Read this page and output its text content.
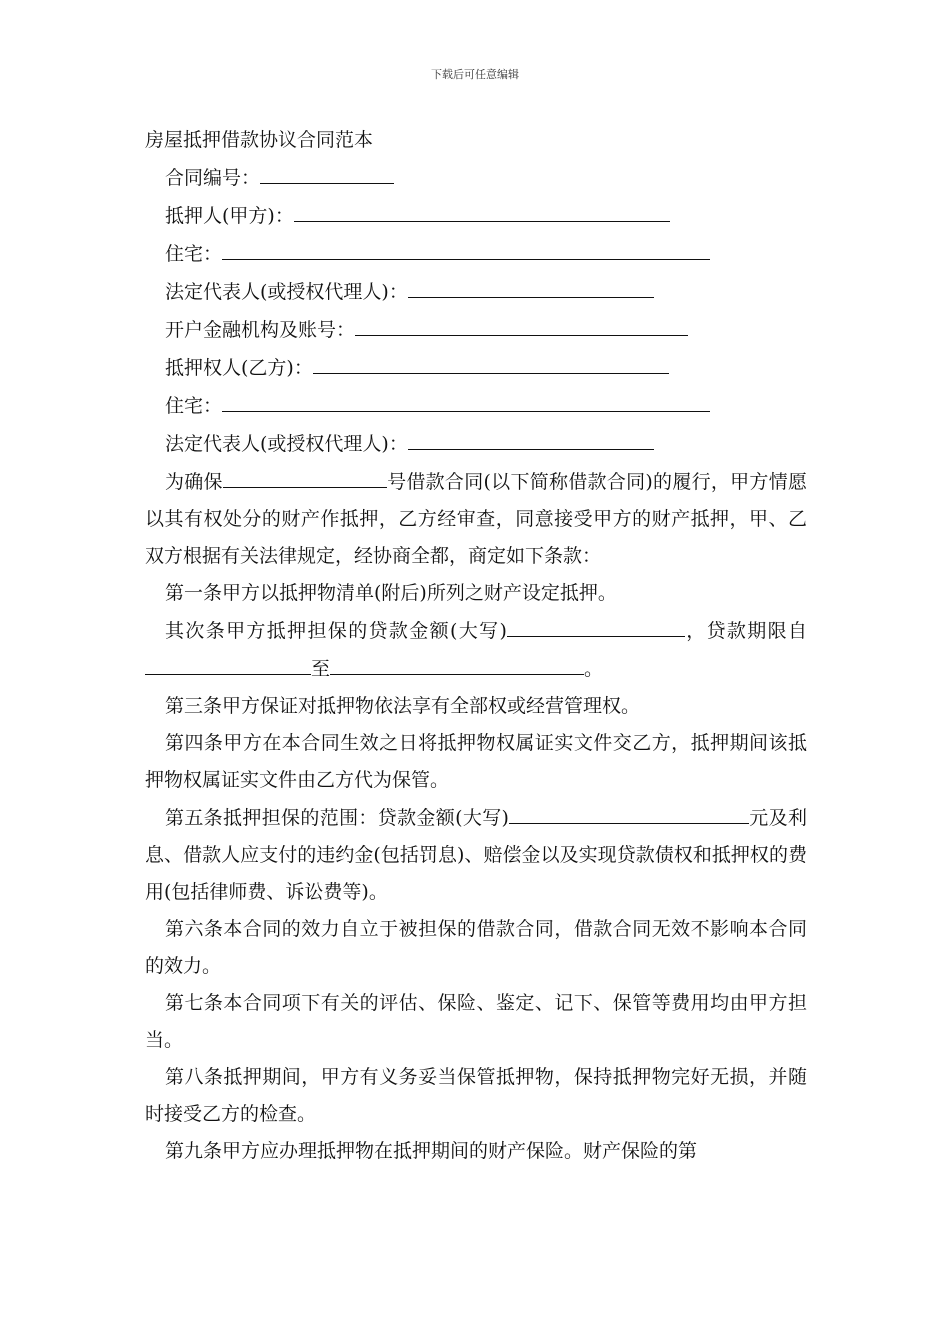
下载后可任意编辑

房屋抵押借款协议合同范本

合同编号：

抵押人(甲方)：

住宅：

法定代表人(或授权代理人)：

开户金融机构及账号：

抵押权人(乙方)：

住宅：

法定代表人(或授权代理人)：

为确保	号借款合同(以下简称借款合同)的履行，甲方情愿以其有权处分的财产作抵押，乙方经审查，同意接受甲方的财产抵押，甲、乙双方根据有关法律规定，经协商全都，商定如下条款：

第一条甲方以抵押物清单(附后)所列之财产设定抵押。

其次条甲方抵押担保的贷款金额(大写)	，贷款期限自至	。

第三条甲方保证对抵押物依法享有全部权或经营管理权。

第四条甲方在本合同生效之日将抵押物权属证实文件交乙方，抵押期间该抵押物权属证实文件由乙方代为保管。

第五条抵押担保的范围：贷款金额(大写)	元及利息、借款人应支付的违约金(包括罚息)、赔偿金以及实现贷款债权和抵押权的费用(包括律师费、诉讼费等)。

第六条本合同的效力自立于被担保的借款合同，借款合同无效不影响本合同的效力。

第七条本合同项下有关的评估、保险、鉴定、记下、保管等费用均由甲方担当。

第八条抵押期间，甲方有义务妥当保管抵押物，保持抵押物完好无损，并随时接受乙方的检查。

第九条甲方应办理抵押物在抵押期间的财产保险。财产保险的第
